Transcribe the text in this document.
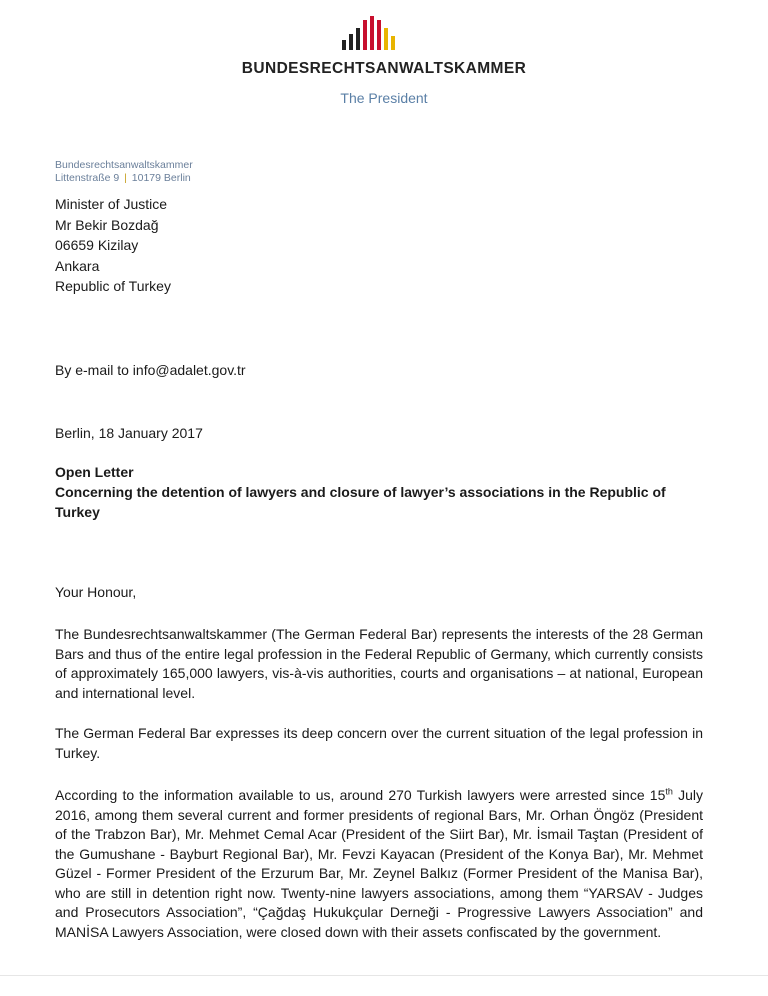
BUNDESRECHTSANWALTSKAMMER
The President
Bundesrechtsanwaltskammer
Littenstraße 9 | 10179 Berlin
Minister of Justice
Mr Bekir Bozdağ
06659 Kizilay
Ankara
Republic of Turkey
By e-mail to info@adalet.gov.tr
Berlin, 18 January 2017
Open Letter
Concerning the detention of lawyers and closure of lawyer’s associations in the Republic of Turkey
Your Honour,
The Bundesrechtsanwaltskammer (The German Federal Bar) represents the interests of the 28 German Bars and thus of the entire legal profession in the Federal Republic of Germany, which currently consists of approximately 165,000 lawyers, vis-à-vis authorities, courts and organisations – at national, European and international level.
The German Federal Bar expresses its deep concern over the current situation of the legal profession in Turkey.
According to the information available to us, around 270 Turkish lawyers were arrested since 15th July 2016, among them several current and former presidents of regional Bars, Mr. Orhan Öngöz (President of the Trabzon Bar), Mr. Mehmet Cemal Acar (President of the Siirt Bar), Mr. İsmail Taştan (President of the Gumushane - Bayburt Regional Bar), Mr. Fevzi Kayacan (President of the Konya Bar), Mr. Mehmet Güzel - Former President of the Erzurum Bar, Mr. Zeynel Balkız (Former President of the Manisa Bar), who are still in detention right now. Twenty-nine lawyers associations, among them “YARSAV - Judges and Prosecutors Association”, “Çağdaş Hukukçular Derneği - Progressive Lawyers Association” and MANİSA Lawyers Association, were closed down with their assets confiscated by the government.
